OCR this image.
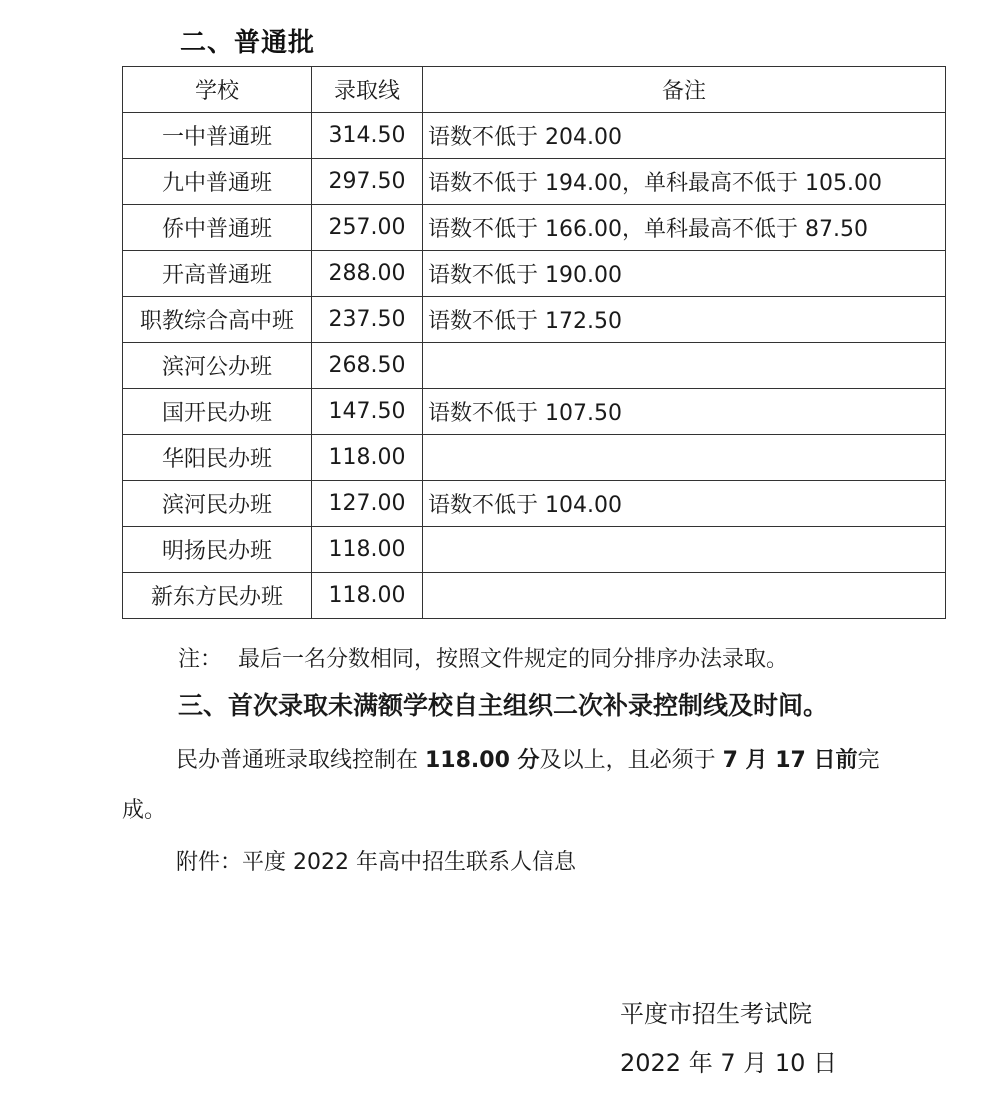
二、普通批
学校	录取线	备注
一中普通班	314.50	语数不低于 204.00
九中普通班	297.50	语数不低于 194.00，单科最高不低于 105.00
侨中普通班	257.00	语数不低于 166.00，单科最高不低于 87.50
开高普通班	288.00	语数不低于 190.00
职教综合高中班	237.50	语数不低于 172.50
滨河公办班	268.50	
国开民办班	147.50	语数不低于 107.50
华阳民办班	118.00	
滨河民办班	127.00	语数不低于 104.00
明扬民办班	118.00	
新东方民办班	118.00	
注： 最后一名分数相同，按照文件规定的同分排序办法录取。
三、首次录取未满额学校自主组织二次补录控制线及时间。
民办普通班录取线控制在 118.00 分及以上，且必须于 7 月 17 日前完
成。
附件：平度 2022 年高中招生联系人信息
平度市招生考试院
2022 年 7 月 10 日
